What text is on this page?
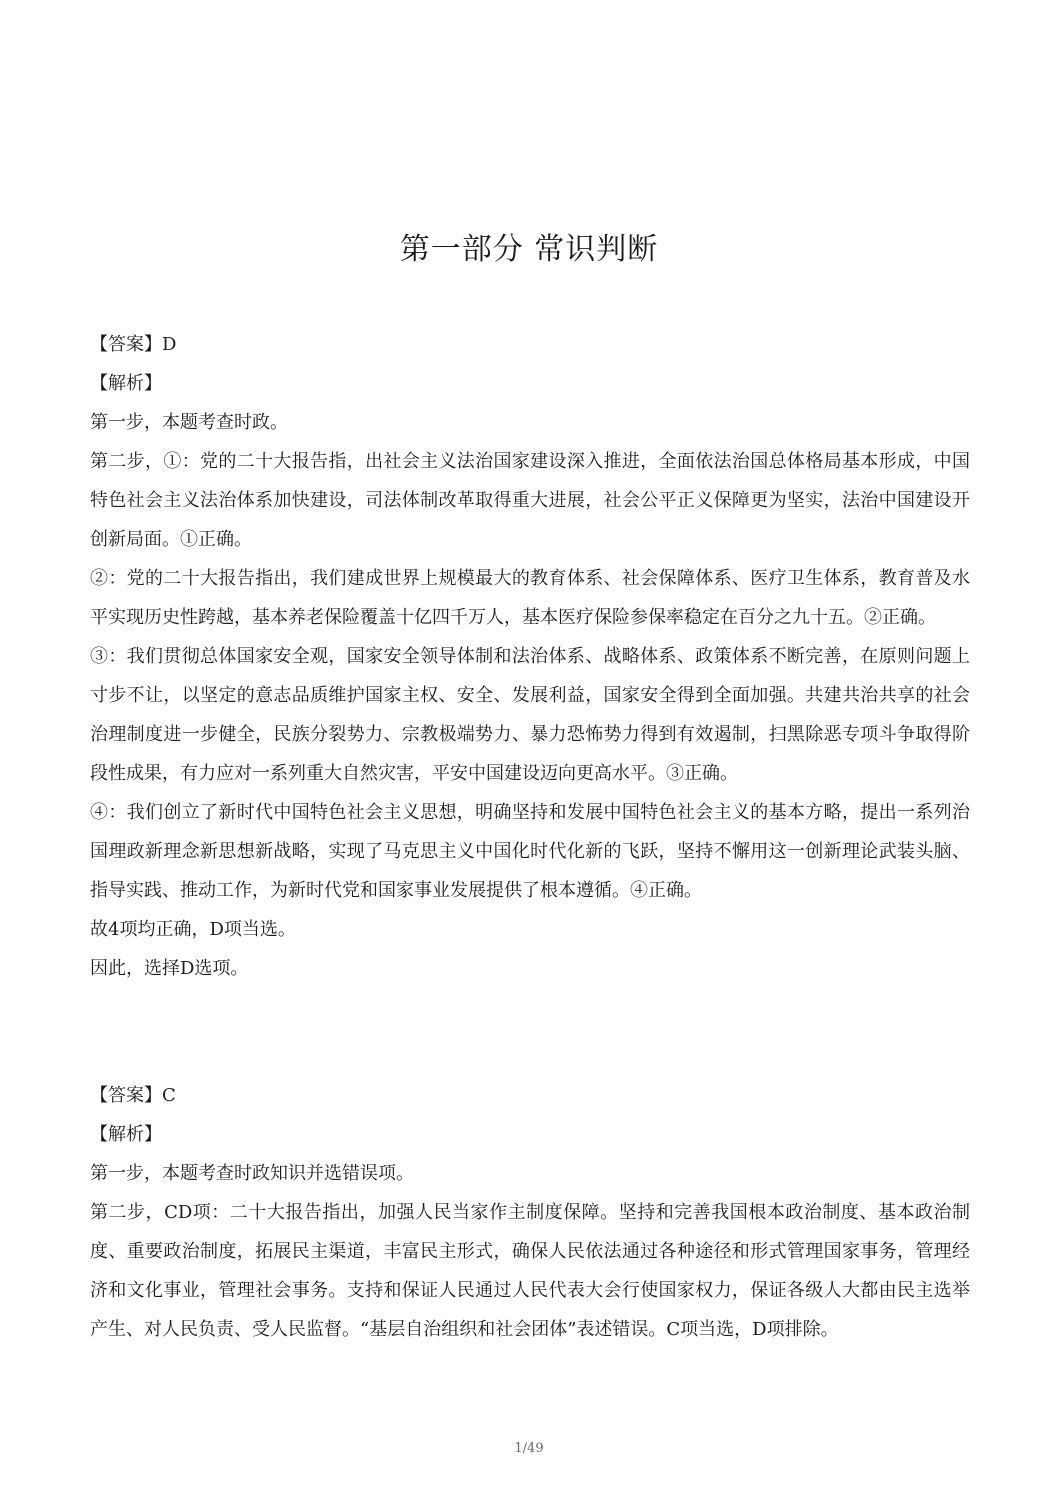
第一部分 常识判断

【答案】D

【解析】

第一步，本题考查时政。

第二步，①：党的二十大报告指，出社会主义法治国家建设深入推进，全面依法治国总体格局基本形成，中国特色社会主义法治体系加快建设，司法体制改革取得重大进展，社会公平正义保障更为坚实，法治中国建设开创新局面。①正确。

②：党的二十大报告指出，我们建成世界上规模最大的教育体系、社会保障体系、医疗卫生体系，教育普及水平实现历史性跨越，基本养老保险覆盖十亿四千万人，基本医疗保险参保率稳定在百分之九十五。②正确。

③：我们贯彻总体国家安全观，国家安全领导体制和法治体系、战略体系、政策体系不断完善，在原则问题上寸步不让，以坚定的意志品质维护国家主权、安全、发展利益，国家安全得到全面加强。共建共治共享的社会治理制度进一步健全，民族分裂势力、宗教极端势力、暴力恐怖势力得到有效遏制，扫黑除恶专项斗争取得阶段性成果，有力应对一系列重大自然灾害，平安中国建设迈向更高水平。③正确。

④：我们创立了新时代中国特色社会主义思想，明确坚持和发展中国特色社会主义的基本方略，提出一系列治国理政新理念新思想新战略，实现了马克思主义中国化时代化新的飞跃，坚持不懈用这一创新理论武装头脑、指导实践、推动工作，为新时代党和国家事业发展提供了根本遵循。④正确。

故4项均正确，D项当选。

因此，选择D选项。

【答案】C

【解析】

第一步，本题考查时政知识并选错误项。

第二步，CD项：二十大报告指出，加强人民当家作主制度保障。坚持和完善我国根本政治制度、基本政治制度、重要政治制度，拓展民主渠道，丰富民主形式，确保人民依法通过各种途径和形式管理国家事务，管理经济和文化事业，管理社会事务。支持和保证人民通过人民代表大会行使国家权力，保证各级人大都由民主选举产生、对人民负责、受人民监督。“基层自治组织和社会团体”表述错误。C项当选，D项排除。

1/49
